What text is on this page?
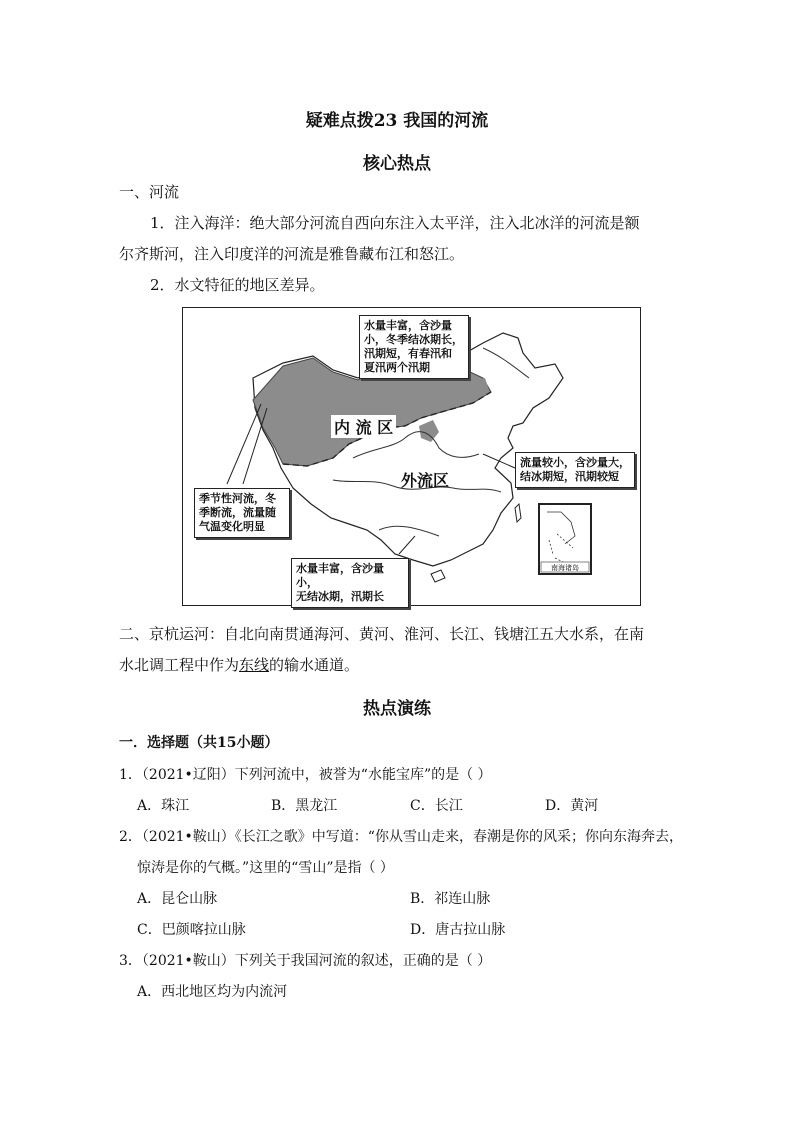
疑难点拨23 我国的河流
核心热点
一、河流
1．注入海洋：绝大部分河流自西向东注入太平洋，注入北冰洋的河流是额
尔齐斯河，注入印度洋的河流是雅鲁藏布江和怒江。
2．水文特征的地区差异。
南海诸岛
内 流 区
外流区
水量丰富，含沙量
小，冬季结冰期长，
汛期短，有春汛和
夏汛两个汛期
流量较小，含沙量大，
结冰期短，汛期较短
季节性河流，冬
季断流，流量随
气温变化明显
水量丰富，含沙量小，
无结冰期，汛期长
二、京杭运河：自北向南贯通海河、黄河、淮河、长江、钱塘江五大水系，在南
水北调工程中作为东线的输水通道。
热点演练
一．选择题（共15小题）
1．（2021•辽阳）下列河流中，被誉为“水能宝库”的是（ ）
A．珠江	B．黑龙江	C．长江	D．黄河
2．（2021•鞍山）《长江之歌》中写道：“你从雪山走来，春潮是你的风采；你向东海奔去，
惊涛是你的气概。”这里的“雪山”是指（ ）
A．昆仑山脉	B．祁连山脉
C．巴颜喀拉山脉	D．唐古拉山脉
3．（2021•鞍山）下列关于我国河流的叙述，正确的是（ ）
A．西北地区均为内流河
